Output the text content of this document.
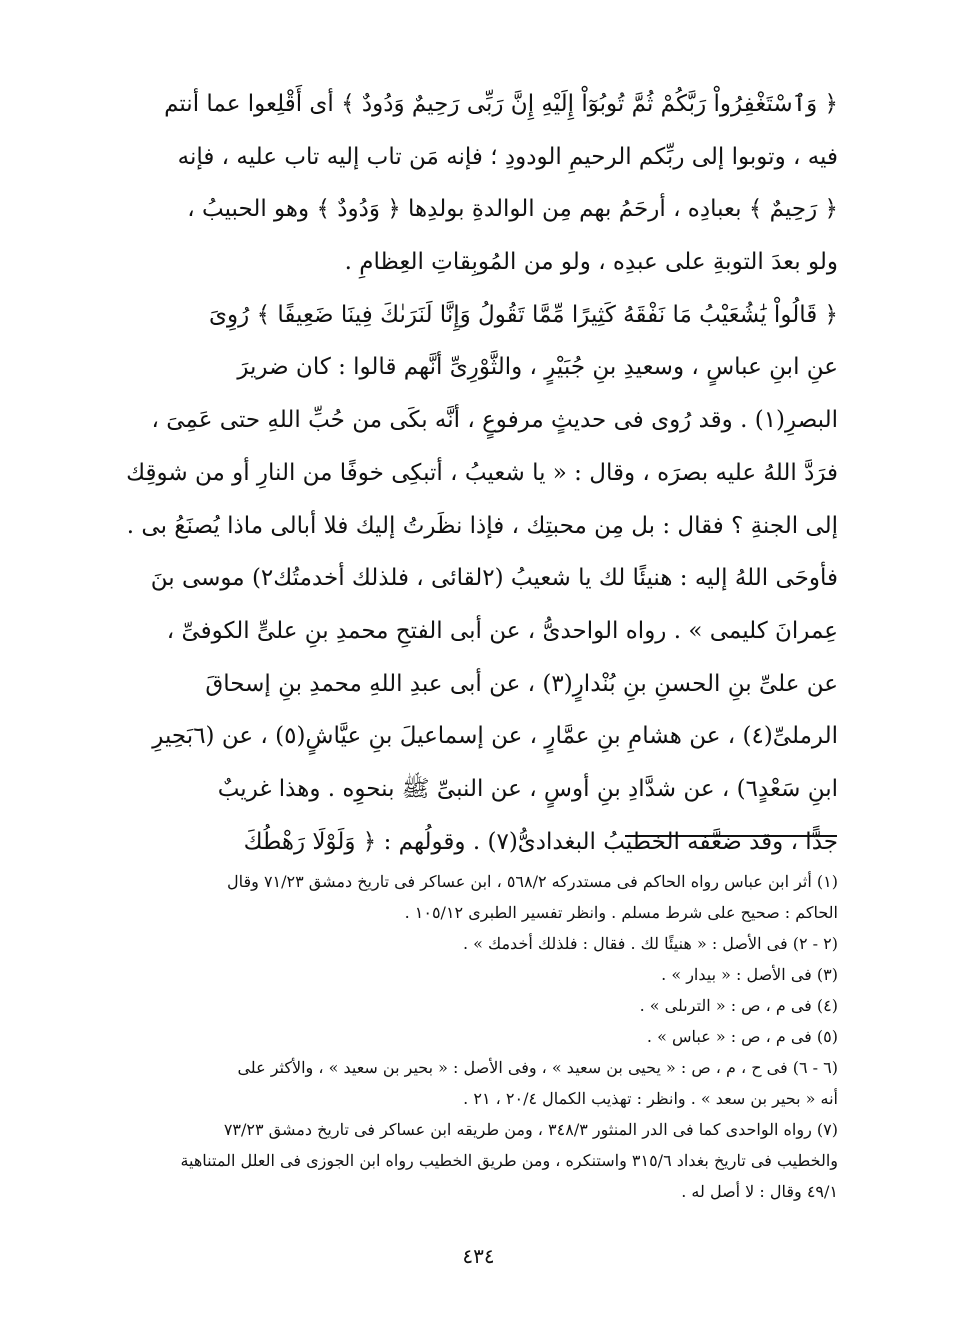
﴿ وَٱسْتَغْفِرُواْ رَبَّكُمْ ثُمَّ تُوبُوٓاْ إِلَيْهِ إِنَّ رَبِّى رَحِيمٌ وَدُودٌ ﴾ أى أَقْلِعوا عما أنتم
فيه ، وتوبوا إلى ربِّكم الرحيمِ الودودِ ؛ فإنه مَن تاب إليه تاب عليه ، فإنه
﴿ رَحِيمٌ ﴾ بعبادِه ، أرحَمُ بهم مِن الوالدةِ بولدِها ﴿ وَدُودٌ ﴾ وهو الحبيبُ ،
ولو بعدَ التوبةِ على عبدِه ، ولو من المُوبِقاتِ العِظامِ .
﴿ قَالُواْ يَٰشُعَيْبُ مَا نَفْقَهُ كَثِيرًا مِّمَّا تَقُولُ وَإِنَّا لَنَرَىٰكَ فِينَا ضَعِيفًا ﴾ رُوِىَ
عنِ ابنِ عباسٍ ، وسعيدِ بنِ جُبَيْرٍ ، والثَّوْرِىِّ أنَّهم قالوا : كان ضريرَ
البصرِ(١) . وقد رُوى فى حديثٍ مرفوعٍ ، أنَّه بكَى من حُبِّ اللهِ حتى عَمِىَ ،
فرَدَّ اللهُ عليه بصرَه ، وقال : « يا شعيبُ ، أتبكِى خوفًا من النارِ أو من شوقِك
إلى الجنةِ ؟ فقال : بل مِن محبتِك ، فإذا نظَرتُ إليك فلا أبالى ماذا يُصنَعُ بى .
فأوحَى اللهُ إليه : هنيئًا لك يا شعيبُ (٢لقائى ، فلذلك أخدمتُك٢) موسى بنَ
عِمرانَ كليمى » . رواه الواحدىُّ ، عن أبى الفتحِ محمدِ بنِ علىٍّ الكوفىِّ ،
عن علىِّ بنِ الحسنِ بنِ بُنْدارٍ(٣) ، عن أبى عبدِ اللهِ محمدِ بنِ إسحاقَ
الرملىِّ(٤) ، عن هشامِ بنِ عمَّارٍ ، عن إسماعيلَ بنِ عيَّاشٍ(٥) ، عن (٦بَحِيرِ
ابنِ سَعْدٍ٦) ، عن شدَّادِ بنِ أوسٍ ، عن النبىِّ ﷺ بنحوِه . وهذا غريبٌ
جدًّا ، وقد ضعَّفه الخطيبُ البغدادىُّ(٧) . وقولُهم : ﴿ وَلَوْلَا رَهْطُكَ
(١) أثر ابن عباس رواه الحاكم فى مستدركه ٥٦٨/٢ ، ابن عساكر فى تاريخ دمشق ٧١/٢٣ وقال
الحاكم : صحيح على شرط مسلم . وانظر تفسير الطبرى ١٠٥/١٢ .
(٢ - ٢) فى الأصل : « هنيئًا لك . فقال : فلذلك أخدمك » .
(٣) فى الأصل : « بيدار » .
(٤) فى م ، ص : « الترىلى » .
(٥) فى م ، ص : « عباس » .
(٦ - ٦) فى ح ، م ، ص : « يحيى بن سعيد » ، وفى الأصل : « بحير بن سعيد » ، والأكثر على
أنه « بحير بن سعد » . وانظر : تهذيب الكمال ٢٠/٤ ، ٢١ .
(٧) رواه الواحدى كما فى الدر المنثور ٣٤٨/٣ ، ومن طريقه ابن عساكر فى تاريخ دمشق ٧٣/٢٣
والخطيب فى تاريخ بغداد ٣١٥/٦ واستنكره ، ومن طريق الخطيب رواه ابن الجوزى فى العلل المتناهية
٤٩/١ وقال : لا أصل له .
٤٣٤
